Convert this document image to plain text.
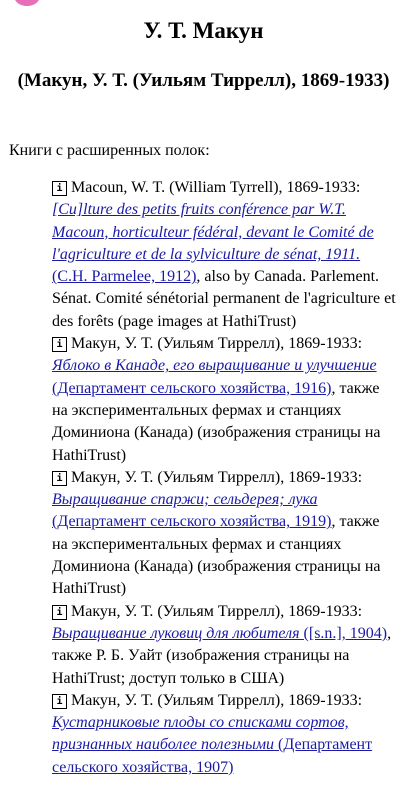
У. Т. Макун
(Макун, У. Т. (Уильям Тиррелл), 1869-1933)
Книги с расширенных полок:
i Macoun, W. T. (William Tyrrell), 1869-1933: [Cu]lture des petits fruits conférence par W.T. Macoun, horticulteur fédéral, devant le Comité de l'agriculture et de la sylviculture de sénat, 1911. (C.H. Parmelee, 1912), also by Canada. Parlement. Sénat. Comité sénétorial permanent de l'agriculture et des forêts (page images at HathiTrust)
i Макун, У. Т. (Уильям Тиррелл), 1869-1933: Яблоко в Канаде, его выращивание и улучшение (Департамент сельского хозяйства, 1916), также на экспериментальных фермах и станциях Доминиона (Канада) (изображения страницы на HathiTrust)
i Макун, У. Т. (Уильям Тиррелл), 1869-1933: Выращивание спаржи; сельдерея; лука (Департамент сельского хозяйства, 1919), также на экспериментальных фермах и станциях Доминиона (Канада) (изображения страницы на HathiTrust)
i Макун, У. Т. (Уильям Тиррелл), 1869-1933: Выращивание луковиц для любителя ([s.n.], 1904), также Р. Б. Уайт (изображения страницы на HathiTrust; доступ только в США)
i Макун, У. Т. (Уильям Тиррелл), 1869-1933: Кустарниковые плоды со списками сортов, признанных наиболее полезными (Департамент сельского хозяйства, 1907)
